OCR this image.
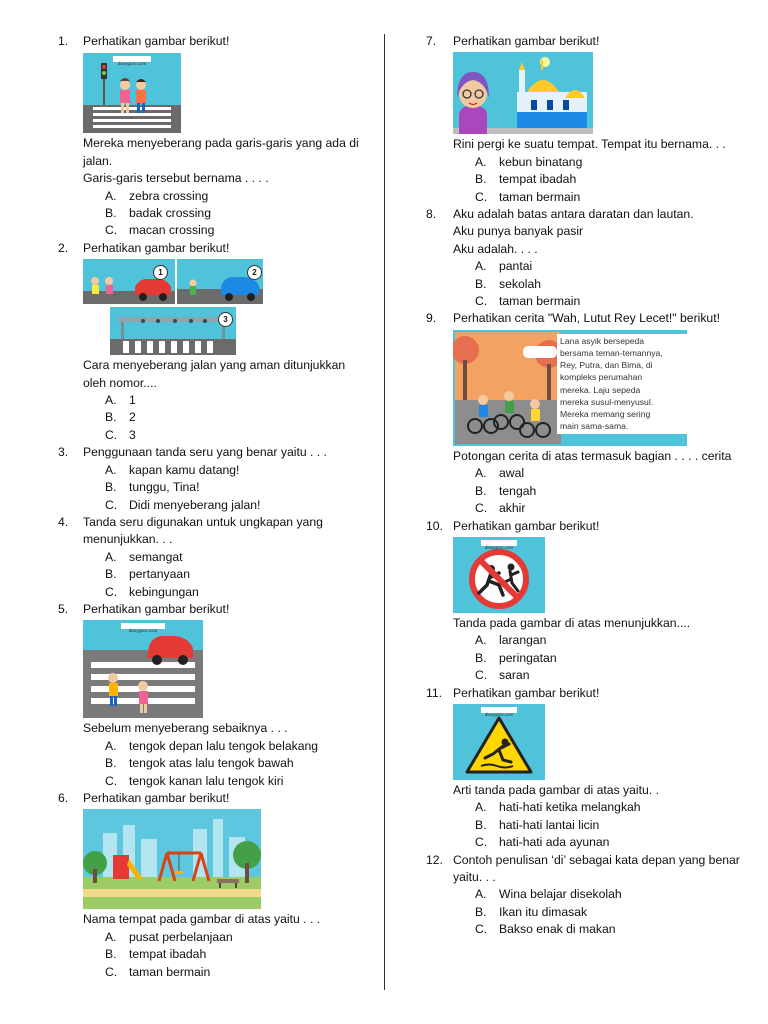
1. Perhatikan gambar berikut!
diaryguru.com
Mereka menyeberang pada garis-garis yang ada di jalan.
Garis-garis tersebut bernama . . . .
A. zebra crossing
B. badak crossing
C. macan crossing
2. Perhatikan gambar berikut!
1	2
3
Cara menyeberang jalan yang aman ditunjukkan oleh nomor....
A. 1
B. 2
C. 3
3. Penggunaan tanda seru yang benar yaitu . . .
A. kapan kamu datang!
B. tunggu, Tina!
C. Didi menyeberang jalan!
4. Tanda seru digunakan untuk ungkapan yang menunjukkan. . .
A. semangat
B. pertanyaan
C. kebingungan
5. Perhatikan gambar berikut!
diaryguru.com
Sebelum menyeberang sebaiknya . . .
A. tengok depan lalu tengok belakang
B. tengok atas lalu tengok bawah
C. tengok kanan lalu tengok kiri
6. Perhatikan gambar berikut!
Nama tempat pada gambar di atas yaitu . . .
A. pusat perbelanjaan
B. tempat ibadah
C. taman bermain
7. Perhatikan gambar berikut!
Rini pergi ke suatu tempat. Tempat itu bernama. . .
A. kebun binatang
B. tempat ibadah
C. taman bermain
8. Aku adalah batas antara daratan dan lautan.
Aku punya banyak pasir
Aku adalah. . . .
A. pantai
B. sekolah
C. taman bermain
9. Perhatikan cerita "Wah, Lutut Rey Lecet!" berikut!
Lana asyik bersepeda
bersama teman-temannya,
Rey, Putra, dan Bima, di
kompleks perumahan
mereka. Laju sepeda
mereka susul-menyusul.
Mereka memang sering
main sama-sama.
Potongan cerita di atas termasuk bagian . . . . cerita
A. awal
B. tengah
C. akhir
10. Perhatikan gambar berikut!
diaryguru.com
Tanda pada gambar di atas menunjukkan....
A. larangan
B. peringatan
C. saran
11. Perhatikan gambar berikut!
diaryguru.com
Arti tanda pada gambar di atas yaitu. .
A. hati-hati ketika melangkah
B. hati-hati lantai licin
C. hati-hati ada ayunan
12. Contoh penulisan ‘di’ sebagai kata depan yang benar yaitu. . .
A. Wina belajar disekolah
B. Ikan itu dimasak
C. Bakso enak di makan
